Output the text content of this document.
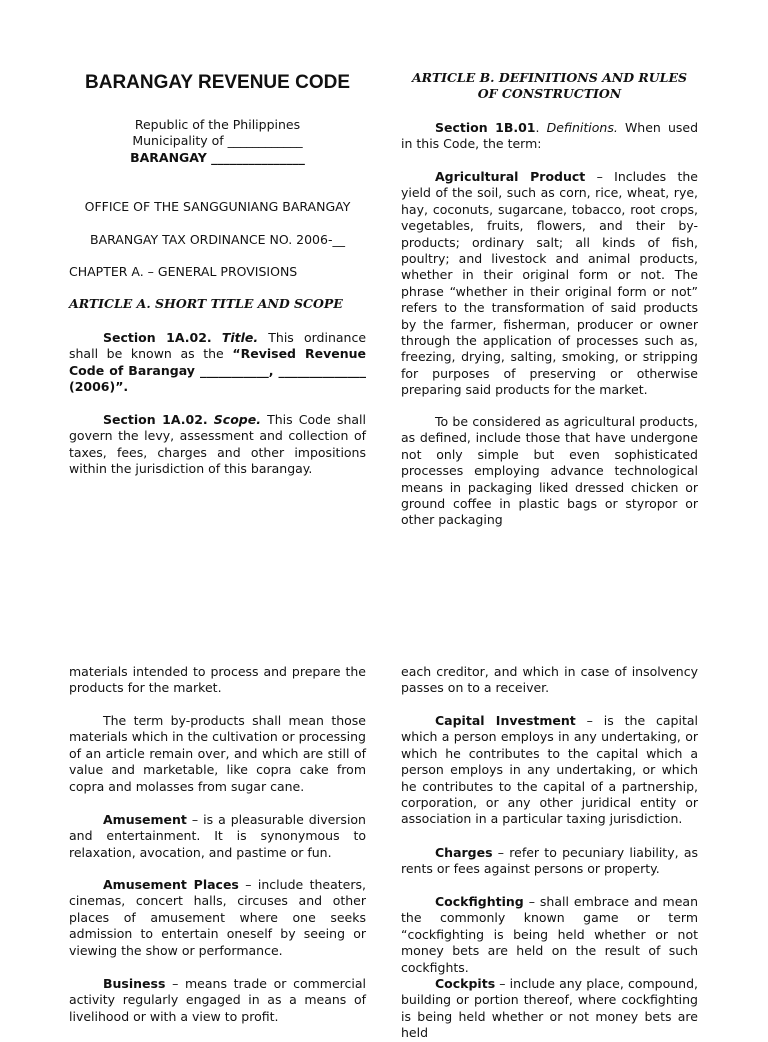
BARANGAY REVENUE CODE

Republic of the Philippines

Municipality of ____________

BARANGAY _______________

OFFICE OF THE SANGGUNIANG BARANGAY

BARANGAY TAX ORDINANCE NO. 2006-__

CHAPTER A. – GENERAL PROVISIONS

ARTICLE A. SHORT TITLE AND SCOPE

Section 1A.02. Title. This ordinance shall be known as the “Revised Revenue Code of Barangay ___________, ______________ (2006)”.

Section 1A.02. Scope. This Code shall govern the levy, assessment and collection of taxes, fees, charges and other impositions within the jurisdiction of this barangay.

ARTICLE B. DEFINITIONS AND RULES OF CONSTRUCTION

Section 1B.01. Definitions. When used in this Code, the term:

Agricultural Product – Includes the yield of the soil, such as corn, rice, wheat, rye, hay, coconuts, sugarcane, tobacco, root crops, vegetables, fruits, flowers, and their by-products; ordinary salt; all kinds of fish, poultry; and livestock and animal products, whether in their original form or not. The phrase “whether in their original form or not” refers to the transformation of said products by the farmer, fisherman, producer or owner through the application of processes such as, freezing, drying, salting, smoking, or stripping for purposes of preserving or otherwise preparing said products for the market.

To be considered as agricultural products, as defined, include those that have undergone not only simple but even sophisticated processes employing advance technological means in packaging liked dressed chicken or ground coffee in plastic bags or styropor or other packaging

materials intended to process and prepare the products for the market.

The term by-products shall mean those materials which in the cultivation or processing of an article remain over, and which are still of value and marketable, like copra cake from copra and molasses from sugar cane.

Amusement – is a pleasurable diversion and entertainment. It is synonymous to relaxation, avocation, and pastime or fun.

Amusement Places – include theaters, cinemas, concert halls, circuses and other places of amusement where one seeks admission to entertain oneself by seeing or viewing the show or performance.

Business – means trade or commercial activity regularly engaged in as a means of livelihood or with a view to profit.

each creditor, and which in case of insolvency passes on to a receiver.

Capital Investment – is the capital which a person employs in any undertaking, or which he contributes to the capital which a person employs in any undertaking, or which he contributes to the capital of a partnership, corporation, or any other juridical entity or association in a particular taxing jurisdiction.

Charges – refer to pecuniary liability, as rents or fees against persons or property.

Cockfighting – shall embrace and mean the commonly known game or term “cockfighting is being held whether or not money bets are held on the result of such cockfights.

Cockpits – include any place, compound, building or portion thereof, where cockfighting is being held whether or not money bets are held
